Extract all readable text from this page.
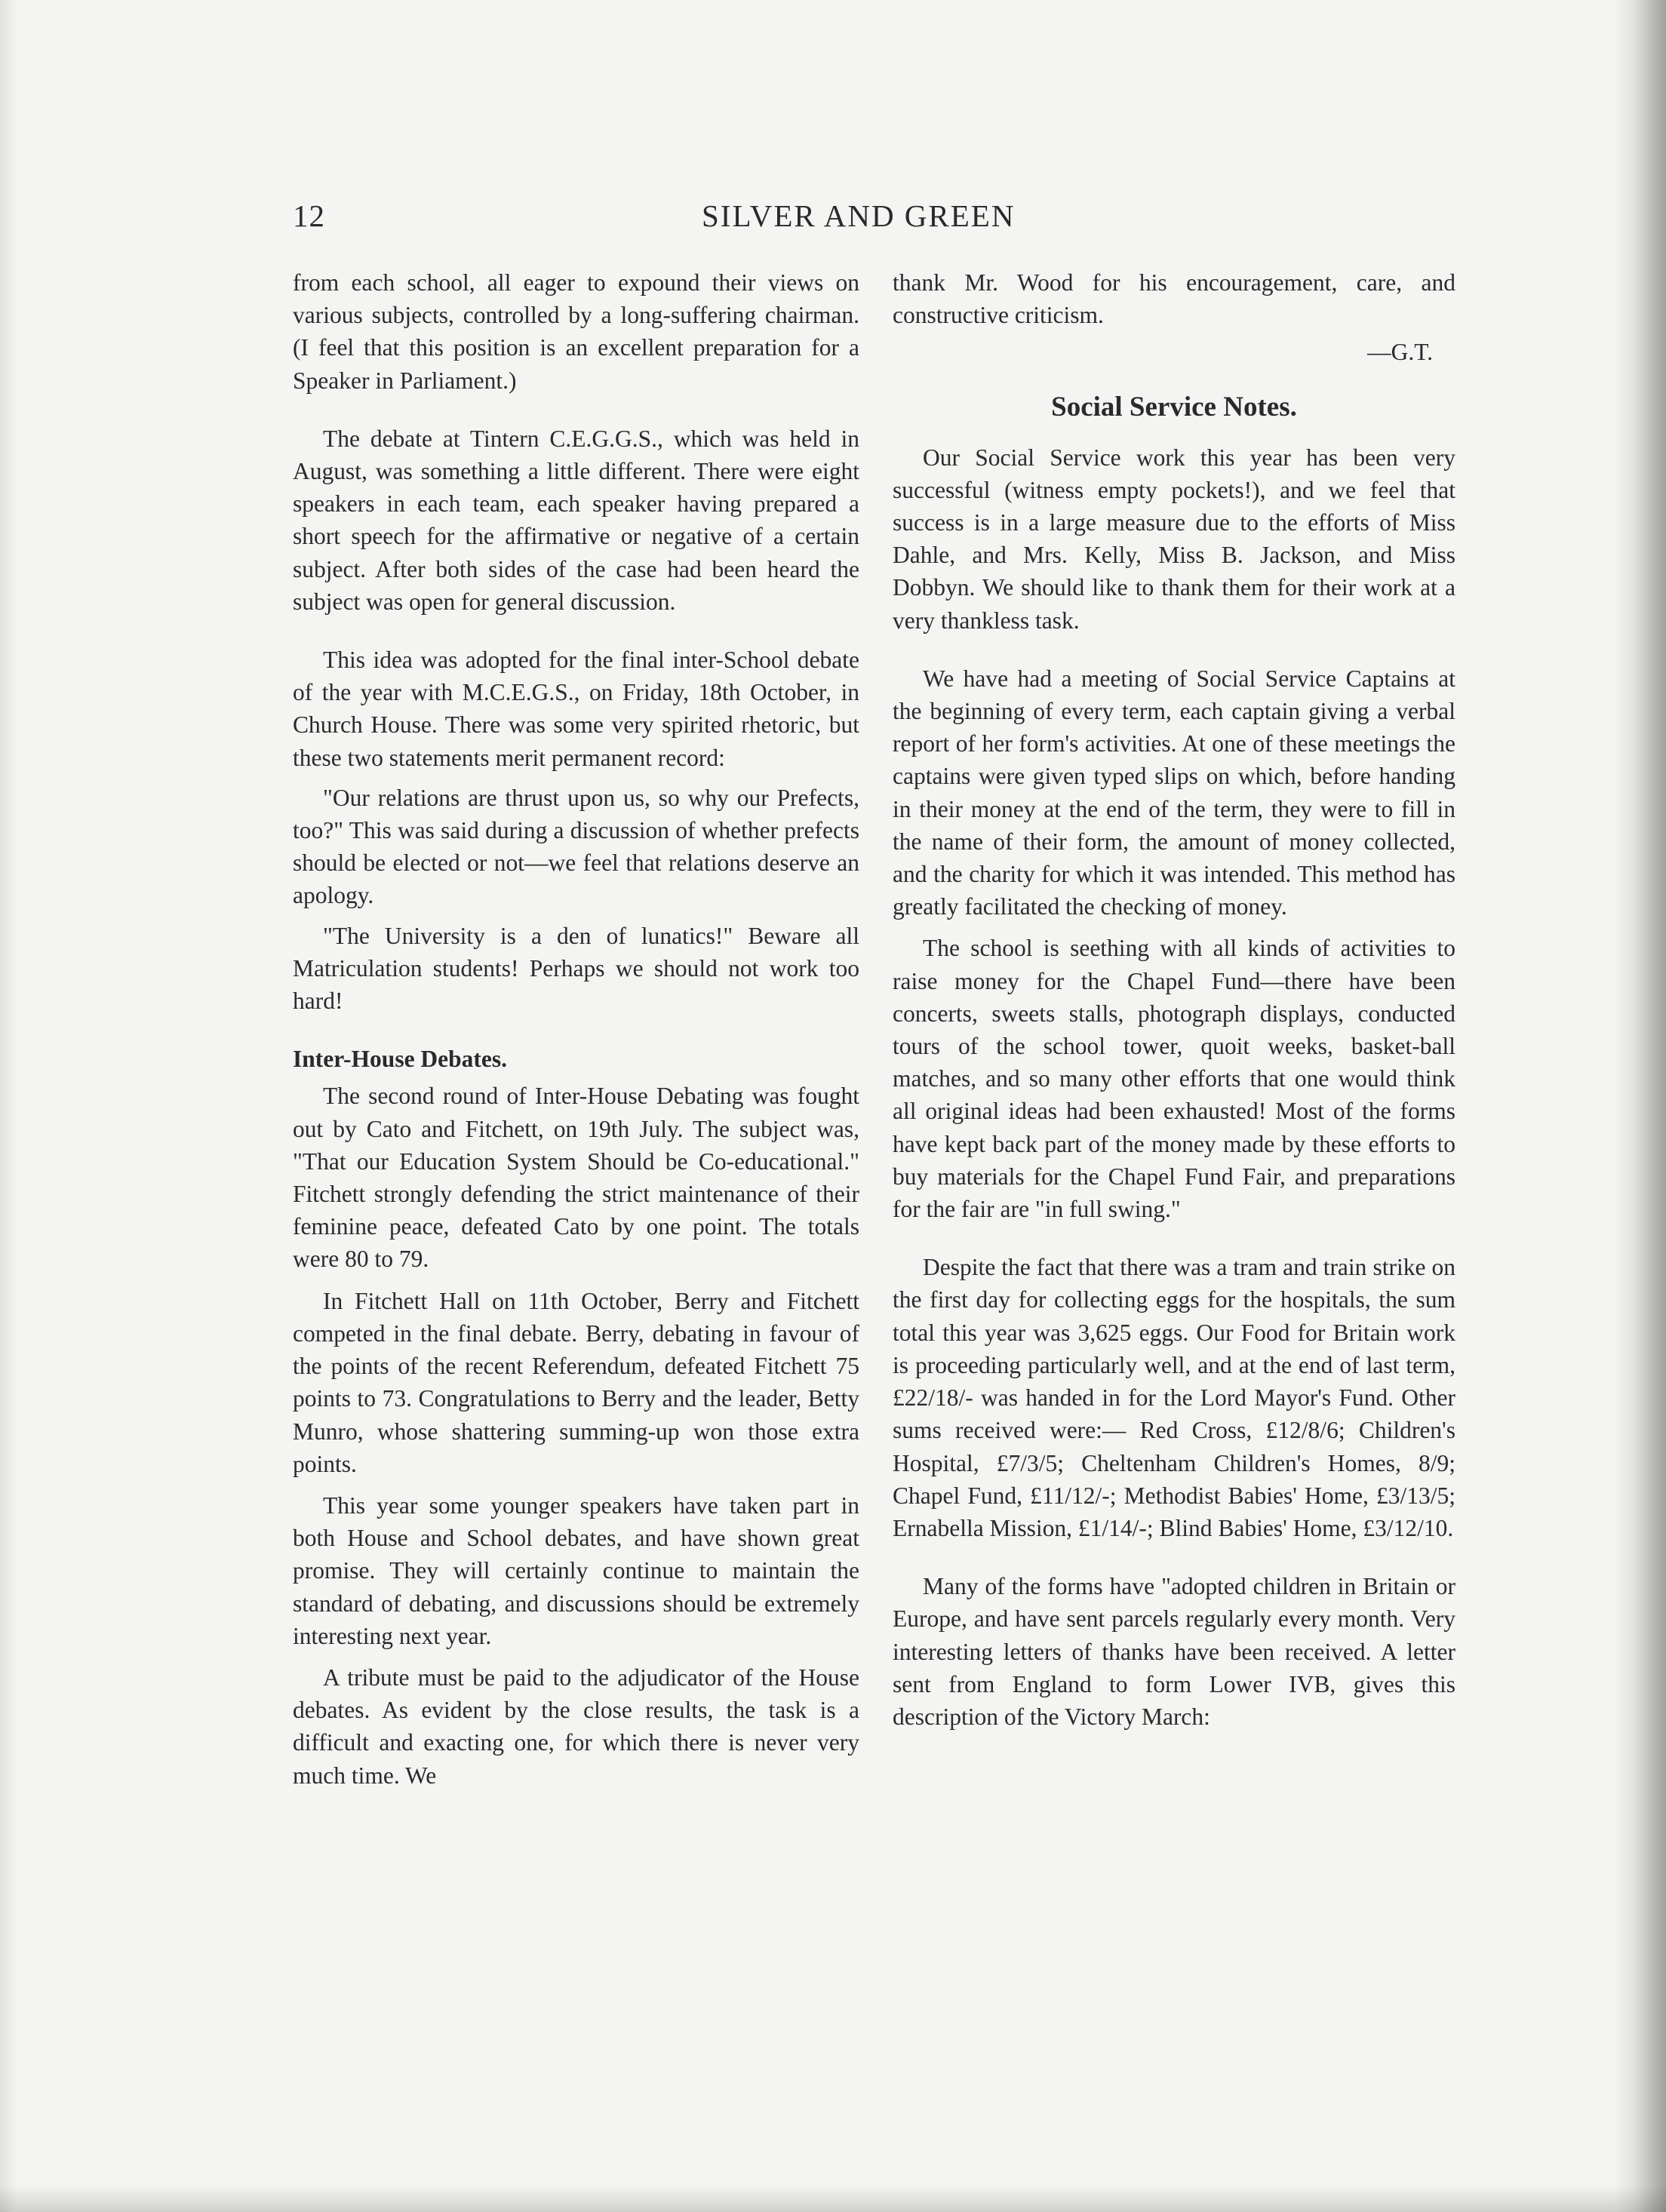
12	SILVER AND GREEN

from each school, all eager to expound their views on various subjects, controlled by a long-suffering chairman. (I feel that this position is an excellent preparation for a Speaker in Parliament.)

The debate at Tintern C.E.G.G.S., which was held in August, was something a little different. There were eight speakers in each team, each speaker having prepared a short speech for the affirmative or negative of a certain subject. After both sides of the case had been heard the subject was open for general discussion.

This idea was adopted for the final inter-School debate of the year with M.C.E.G.S., on Friday, 18th October, in Church House. There was some very spirited rhetoric, but these two statements merit permanent record:

"Our relations are thrust upon us, so why our Prefects, too?" This was said during a discussion of whether prefects should be elected or not—we feel that relations deserve an apology.

"The University is a den of lunatics!" Beware all Matriculation students! Perhaps we should not work too hard!

Inter-House Debates.

The second round of Inter-House Debating was fought out by Cato and Fitchett, on 19th July. The subject was, "That our Education System Should be Co-educational." Fitchett strongly defending the strict maintenance of their feminine peace, defeated Cato by one point. The totals were 80 to 79.

In Fitchett Hall on 11th October, Berry and Fitchett competed in the final debate. Berry, debating in favour of the points of the recent Referendum, defeated Fitchett 75 points to 73. Congratulations to Berry and the leader, Betty Munro, whose shattering summing-up won those extra points.

This year some younger speakers have taken part in both House and School debates, and have shown great promise. They will certainly continue to maintain the standard of debating, and discussions should be extremely interesting next year.

A tribute must be paid to the adjudicator of the House debates. As evident by the close results, the task is a difficult and exacting one, for which there is never very much time. We

thank Mr. Wood for his encouragement, care, and constructive criticism.

—G.T.
Social Service Notes.

Our Social Service work this year has been very successful (witness empty pockets!), and we feel that success is in a large measure due to the efforts of Miss Dahle, and Mrs. Kelly, Miss B. Jackson, and Miss Dobbyn. We should like to thank them for their work at a very thankless task.

We have had a meeting of Social Service Captains at the beginning of every term, each captain giving a verbal report of her form's activities. At one of these meetings the captains were given typed slips on which, before handing in their money at the end of the term, they were to fill in the name of their form, the amount of money collected, and the charity for which it was intended. This method has greatly facilitated the checking of money.

The school is seething with all kinds of activities to raise money for the Chapel Fund—there have been concerts, sweets stalls, photograph displays, conducted tours of the school tower, quoit weeks, basket-ball matches, and so many other efforts that one would think all original ideas had been exhausted! Most of the forms have kept back part of the money made by these efforts to buy materials for the Chapel Fund Fair, and preparations for the fair are "in full swing."

Despite the fact that there was a tram and train strike on the first day for collecting eggs for the hospitals, the sum total this year was 3,625 eggs. Our Food for Britain work is proceeding particularly well, and at the end of last term, £22/18/- was handed in for the Lord Mayor's Fund. Other sums received were:— Red Cross, £12/8/6; Children's Hospital, £7/3/5; Cheltenham Children's Homes, 8/9; Chapel Fund, £11/12/-; Methodist Babies' Home, £3/13/5; Ernabella Mission, £1/14/-; Blind Babies' Home, £3/12/10.

Many of the forms have "adopted children in Britain or Europe, and have sent parcels regularly every month. Very interesting letters of thanks have been received. A letter sent from England to form Lower IVB, gives this description of the Victory March:
